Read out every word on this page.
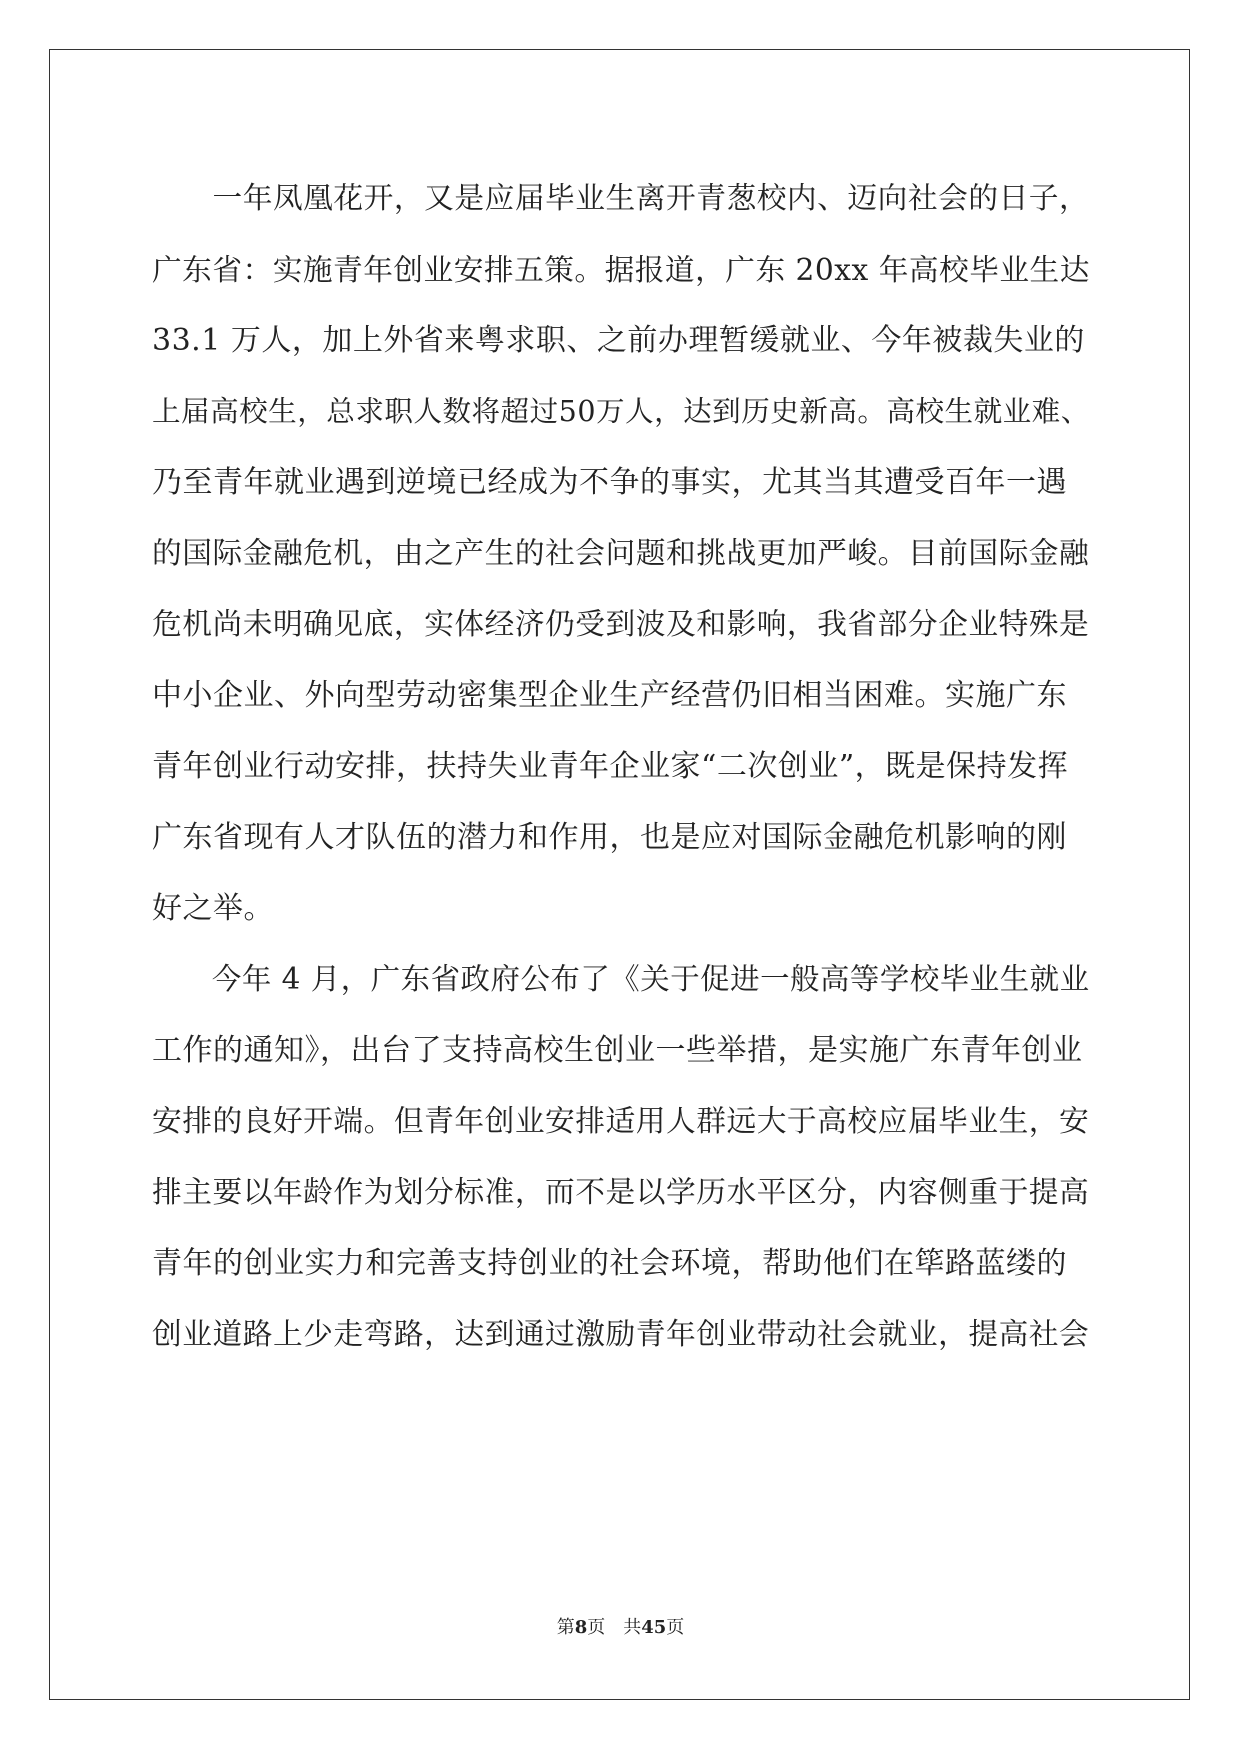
　　一年凤凰花开，又是应届毕业生离开青葱校内、迈向社会的日子，
广东省：实施青年创业安排五策。据报道，广东 20xx 年高校毕业生达
33.1 万人，加上外省来粤求职、之前办理暂缓就业、今年被裁失业的
上届高校生，总求职人数将超过50万人，达到历史新高。高校生就业难、
乃至青年就业遇到逆境已经成为不争的事实，尤其当其遭受百年一遇
的国际金融危机，由之产生的社会问题和挑战更加严峻。目前国际金融
危机尚未明确见底，实体经济仍受到波及和影响，我省部分企业特殊是
中小企业、外向型劳动密集型企业生产经营仍旧相当困难。实施广东
青年创业行动安排，扶持失业青年企业家“二次创业”，既是保持发挥
广东省现有人才队伍的潜力和作用，也是应对国际金融危机影响的刚
好之举。
　　今年 4 月，广东省政府公布了《关于促进一般高等学校毕业生就业
工作的通知》，出台了支持高校生创业一些举措，是实施广东青年创业
安排的良好开端。但青年创业安排适用人群远大于高校应届毕业生，安
排主要以年龄作为划分标准，而不是以学历水平区分，内容侧重于提高
青年的创业实力和完善支持创业的社会环境，帮助他们在筚路蓝缕的
创业道路上少走弯路，达到通过激励青年创业带动社会就业，提高社会
第8页 共45页
